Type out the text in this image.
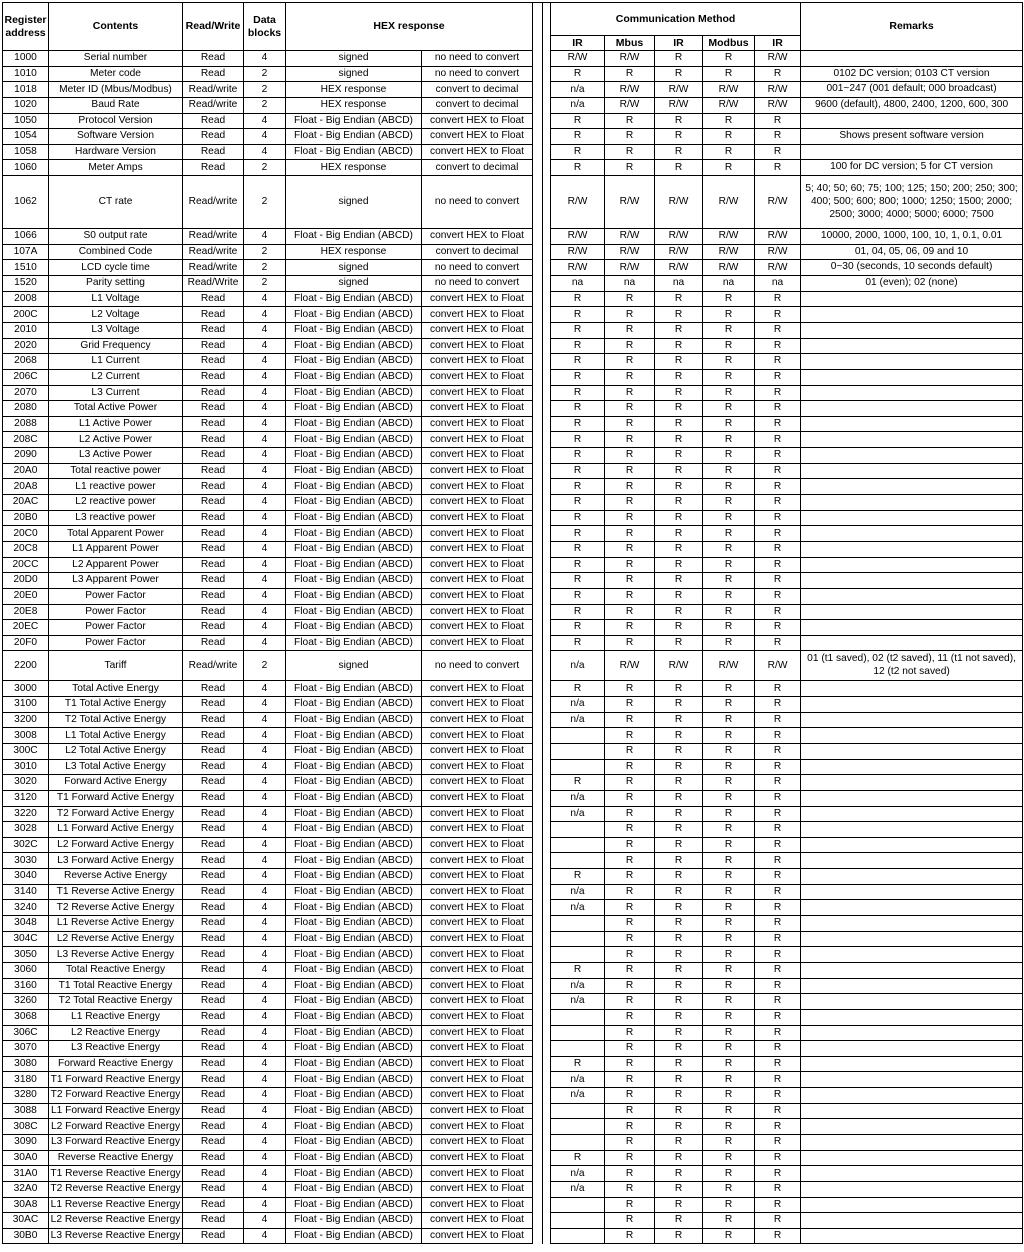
Register address	Contents	Read/Write	Data blocks	HEX response				Communication Method					Remarks
								IR	Mbus	IR	Modbus	IR	
1000	Serial number	Read	4	signed	no need to convert			R/W	R/W	R	R	R/W	
1010	Meter code	Read	2	signed	no need to convert			R	R	R	R	R	0102 DC version; 0103 CT version
1018	Meter ID (Mbus/Modbus)	Read/write	2	HEX response	convert to decimal			n/a	R/W	R/W	R/W	R/W	001~247 (001 default; 000 broadcast)
1020	Baud Rate	Read/write	2	HEX response	convert to decimal			n/a	R/W	R/W	R/W	R/W	9600 (default), 4800, 2400, 1200, 600, 300
1050	Protocol Version	Read	4	Float - Big Endian (ABCD)	convert HEX to Float			R	R	R	R	R	
1054	Software Version	Read	4	Float - Big Endian (ABCD)	convert HEX to Float			R	R	R	R	R	Shows present software version
1058	Hardware Version	Read	4	Float - Big Endian (ABCD)	convert HEX to Float			R	R	R	R	R	
1060	Meter Amps	Read	2	HEX response	convert to decimal			R	R	R	R	R	100 for DC version; 5 for CT version
1062	CT rate	Read/write	2	signed	no need to convert			R/W	R/W	R/W	R/W	R/W	5; 40; 50; 60; 75; 100; 125; 150; 200; 250; 300; 400; 500; 600; 800; 1000; 1250; 1500; 2000; 2500; 3000; 4000; 5000; 6000; 7500
1066	S0 output rate	Read/write	4	Float - Big Endian (ABCD)	convert HEX to Float			R/W	R/W	R/W	R/W	R/W	10000, 2000, 1000, 100, 10, 1, 0.1, 0.01
107A	Combined Code	Read/write	2	HEX response	convert to decimal			R/W	R/W	R/W	R/W	R/W	01, 04, 05, 06, 09 and 10
1510	LCD cycle time	Read/write	2	signed	no need to convert			R/W	R/W	R/W	R/W	R/W	0~30 (seconds, 10 seconds default)
1520	Parity setting	Read/Write	2	signed	no need to convert			na	na	na	na	na	01 (even); 02 (none)
2008	L1 Voltage	Read	4	Float - Big Endian (ABCD)	convert HEX to Float			R	R	R	R	R	
200C	L2 Voltage	Read	4	Float - Big Endian (ABCD)	convert HEX to Float			R	R	R	R	R	
2010	L3 Voltage	Read	4	Float - Big Endian (ABCD)	convert HEX to Float			R	R	R	R	R	
2020	Grid Frequency	Read	4	Float - Big Endian (ABCD)	convert HEX to Float			R	R	R	R	R	
2068	L1 Current	Read	4	Float - Big Endian (ABCD)	convert HEX to Float			R	R	R	R	R	
206C	L2 Current	Read	4	Float - Big Endian (ABCD)	convert HEX to Float			R	R	R	R	R	
2070	L3 Current	Read	4	Float - Big Endian (ABCD)	convert HEX to Float			R	R	R	R	R	
2080	Total Active Power	Read	4	Float - Big Endian (ABCD)	convert HEX to Float			R	R	R	R	R	
2088	L1 Active Power	Read	4	Float - Big Endian (ABCD)	convert HEX to Float			R	R	R	R	R	
208C	L2 Active Power	Read	4	Float - Big Endian (ABCD)	convert HEX to Float			R	R	R	R	R	
2090	L3 Active Power	Read	4	Float - Big Endian (ABCD)	convert HEX to Float			R	R	R	R	R	
20A0	Total reactive power	Read	4	Float - Big Endian (ABCD)	convert HEX to Float			R	R	R	R	R	
20A8	L1 reactive power	Read	4	Float - Big Endian (ABCD)	convert HEX to Float			R	R	R	R	R	
20AC	L2 reactive power	Read	4	Float - Big Endian (ABCD)	convert HEX to Float			R	R	R	R	R	
20B0	L3 reactive power	Read	4	Float - Big Endian (ABCD)	convert HEX to Float			R	R	R	R	R	
20C0	Total Apparent Power	Read	4	Float - Big Endian (ABCD)	convert HEX to Float			R	R	R	R	R	
20C8	L1 Apparent Power	Read	4	Float - Big Endian (ABCD)	convert HEX to Float			R	R	R	R	R	
20CC	L2 Apparent Power	Read	4	Float - Big Endian (ABCD)	convert HEX to Float			R	R	R	R	R	
20D0	L3 Apparent Power	Read	4	Float - Big Endian (ABCD)	convert HEX to Float			R	R	R	R	R	
20E0	Power Factor	Read	4	Float - Big Endian (ABCD)	convert HEX to Float			R	R	R	R	R	
20E8	Power Factor	Read	4	Float - Big Endian (ABCD)	convert HEX to Float			R	R	R	R	R	
20EC	Power Factor	Read	4	Float - Big Endian (ABCD)	convert HEX to Float			R	R	R	R	R	
20F0	Power Factor	Read	4	Float - Big Endian (ABCD)	convert HEX to Float			R	R	R	R	R	
2200	Tariff	Read/write	2	signed	no need to convert			n/a	R/W	R/W	R/W	R/W	01 (t1 saved), 02 (t2 saved), 11 (t1 not saved), 12 (t2 not saved)
3000	Total Active Energy	Read	4	Float - Big Endian (ABCD)	convert HEX to Float			R	R	R	R	R	
3100	T1 Total Active Energy	Read	4	Float - Big Endian (ABCD)	convert HEX to Float			n/a	R	R	R	R	
3200	T2 Total Active Energy	Read	4	Float - Big Endian (ABCD)	convert HEX to Float			n/a	R	R	R	R	
3008	L1 Total Active Energy	Read	4	Float - Big Endian (ABCD)	convert HEX to Float				R	R	R	R	
300C	L2 Total Active Energy	Read	4	Float - Big Endian (ABCD)	convert HEX to Float				R	R	R	R	
3010	L3 Total Active Energy	Read	4	Float - Big Endian (ABCD)	convert HEX to Float				R	R	R	R	
3020	Forward Active Energy	Read	4	Float - Big Endian (ABCD)	convert HEX to Float			R	R	R	R	R	
3120	T1 Forward Active Energy	Read	4	Float - Big Endian (ABCD)	convert HEX to Float			n/a	R	R	R	R	
3220	T2 Forward Active Energy	Read	4	Float - Big Endian (ABCD)	convert HEX to Float			n/a	R	R	R	R	
3028	L1 Forward Active Energy	Read	4	Float - Big Endian (ABCD)	convert HEX to Float				R	R	R	R	
302C	L2 Forward Active Energy	Read	4	Float - Big Endian (ABCD)	convert HEX to Float				R	R	R	R	
3030	L3 Forward Active Energy	Read	4	Float - Big Endian (ABCD)	convert HEX to Float				R	R	R	R	
3040	Reverse Active Energy	Read	4	Float - Big Endian (ABCD)	convert HEX to Float			R	R	R	R	R	
3140	T1 Reverse Active Energy	Read	4	Float - Big Endian (ABCD)	convert HEX to Float			n/a	R	R	R	R	
3240	T2 Reverse Active Energy	Read	4	Float - Big Endian (ABCD)	convert HEX to Float			n/a	R	R	R	R	
3048	L1 Reverse Active Energy	Read	4	Float - Big Endian (ABCD)	convert HEX to Float				R	R	R	R	
304C	L2 Reverse Active Energy	Read	4	Float - Big Endian (ABCD)	convert HEX to Float				R	R	R	R	
3050	L3 Reverse Active Energy	Read	4	Float - Big Endian (ABCD)	convert HEX to Float				R	R	R	R	
3060	Total Reactive Energy	Read	4	Float - Big Endian (ABCD)	convert HEX to Float			R	R	R	R	R	
3160	T1 Total Reactive Energy	Read	4	Float - Big Endian (ABCD)	convert HEX to Float			n/a	R	R	R	R	
3260	T2 Total Reactive Energy	Read	4	Float - Big Endian (ABCD)	convert HEX to Float			n/a	R	R	R	R	
3068	L1 Reactive Energy	Read	4	Float - Big Endian (ABCD)	convert HEX to Float				R	R	R	R	
306C	L2 Reactive Energy	Read	4	Float - Big Endian (ABCD)	convert HEX to Float				R	R	R	R	
3070	L3 Reactive Energy	Read	4	Float - Big Endian (ABCD)	convert HEX to Float				R	R	R	R	
3080	Forward Reactive Energy	Read	4	Float - Big Endian (ABCD)	convert HEX to Float			R	R	R	R	R	
3180	T1 Forward Reactive Energy	Read	4	Float - Big Endian (ABCD)	convert HEX to Float			n/a	R	R	R	R	
3280	T2 Forward Reactive Energy	Read	4	Float - Big Endian (ABCD)	convert HEX to Float			n/a	R	R	R	R	
3088	L1 Forward Reactive Energy	Read	4	Float - Big Endian (ABCD)	convert HEX to Float				R	R	R	R	
308C	L2 Forward Reactive Energy	Read	4	Float - Big Endian (ABCD)	convert HEX to Float				R	R	R	R	
3090	L3 Forward Reactive Energy	Read	4	Float - Big Endian (ABCD)	convert HEX to Float				R	R	R	R	
30A0	Reverse Reactive Energy	Read	4	Float - Big Endian (ABCD)	convert HEX to Float			R	R	R	R	R	
31A0	T1 Reverse Reactive Energy	Read	4	Float - Big Endian (ABCD)	convert HEX to Float			n/a	R	R	R	R	
32A0	T2 Reverse Reactive Energy	Read	4	Float - Big Endian (ABCD)	convert HEX to Float			n/a	R	R	R	R	
30A8	L1 Reverse Reactive Energy	Read	4	Float - Big Endian (ABCD)	convert HEX to Float				R	R	R	R	
30AC	L2 Reverse Reactive Energy	Read	4	Float - Big Endian (ABCD)	convert HEX to Float				R	R	R	R	
30B0	L3 Reverse Reactive Energy	Read	4	Float - Big Endian (ABCD)	convert HEX to Float				R	R	R	R	
